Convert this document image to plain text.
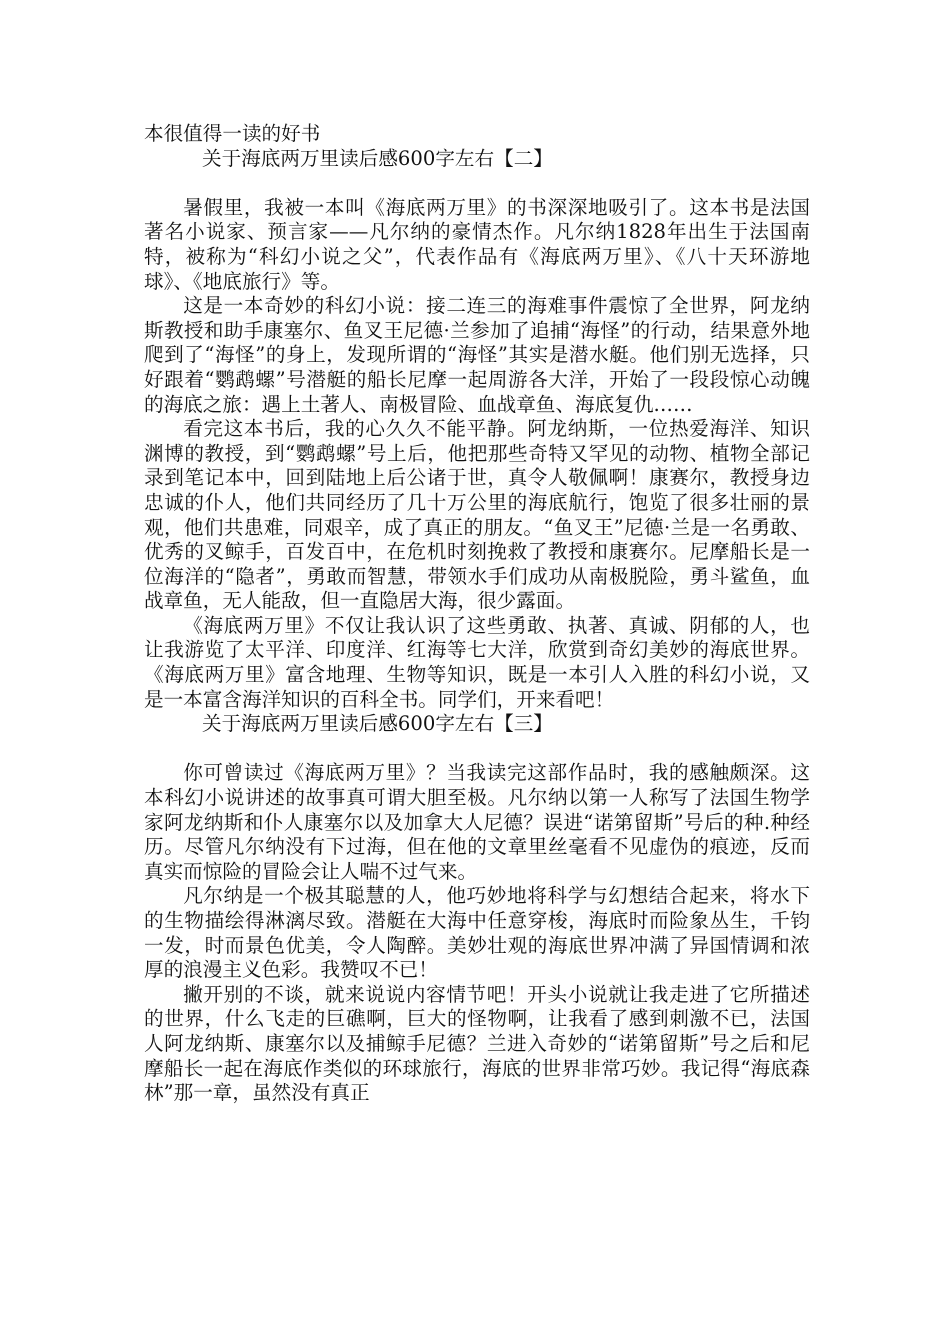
本很值得一读的好书

关于海底两万里读后感600字左右【二】

暑假里，我被一本叫《海底两万里》的书深深地吸引了。这本书是法国著名小说家、预言家——凡尔纳的豪情杰作。凡尔纳1828年出生于法国南特，被称为“科幻小说之父”，代表作品有《海底两万里》、《八十天环游地球》、《地底旅行》等。

这是一本奇妙的科幻小说：接二连三的海难事件震惊了全世界，阿龙纳斯教授和助手康塞尔、鱼叉王尼德·兰参加了追捕“海怪”的行动，结果意外地爬到了“海怪”的身上，发现所谓的“海怪”其实是潜水艇。他们别无选择，只好跟着“鹦鹉螺”号潜艇的船长尼摩一起周游各大洋，开始了一段段惊心动魄的海底之旅：遇上土著人、南极冒险、血战章鱼、海底复仇……

看完这本书后，我的心久久不能平静。阿龙纳斯，一位热爱海洋、知识渊博的教授，到“鹦鹉螺”号上后，他把那些奇特又罕见的动物、植物全部记录到笔记本中，回到陆地上后公诸于世，真令人敬佩啊！康赛尔，教授身边忠诚的仆人，他们共同经历了几十万公里的海底航行，饱览了很多壮丽的景观，他们共患难，同艰辛，成了真正的朋友。“鱼叉王”尼德·兰是一名勇敢、优秀的叉鲸手，百发百中，在危机时刻挽救了教授和康赛尔。尼摩船长是一位海洋的“隐者”，勇敢而智慧，带领水手们成功从南极脱险，勇斗鲨鱼，血战章鱼，无人能敌，但一直隐居大海，很少露面。

《海底两万里》不仅让我认识了这些勇敢、执著、真诚、阴郁的人，也让我游览了太平洋、印度洋、红海等七大洋，欣赏到奇幻美妙的海底世界。《海底两万里》富含地理、生物等知识，既是一本引人入胜的科幻小说，又是一本富含海洋知识的百科全书。同学们，开来看吧！

关于海底两万里读后感600字左右【三】

你可曾读过《海底两万里》？当我读完这部作品时，我的感触颇深。这本科幻小说讲述的故事真可谓大胆至极。凡尔纳以第一人称写了法国生物学家阿龙纳斯和仆人康塞尔以及加拿大人尼德？误进“诺第留斯”号后的种.种经历。尽管凡尔纳没有下过海，但在他的文章里丝毫看不见虚伪的痕迹，反而真实而惊险的冒险会让人喘不过气来。

凡尔纳是一个极其聪慧的人，他巧妙地将科学与幻想结合起来，将水下的生物描绘得淋漓尽致。潜艇在大海中任意穿梭，海底时而险象丛生，千钧一发，时而景色优美，令人陶醉。美妙壮观的海底世界冲满了异国情调和浓厚的浪漫主义色彩。我赞叹不已！

撇开别的不谈，就来说说内容情节吧！开头小说就让我走进了它所描述的世界，什么飞走的巨礁啊，巨大的怪物啊，让我看了感到刺激不已，法国人阿龙纳斯、康塞尔以及捕鲸手尼德？兰进入奇妙的“诺第留斯”号之后和尼摩船长一起在海底作类似的环球旅行，海底的世界非常巧妙。我记得“海底森林”那一章，虽然没有真正
